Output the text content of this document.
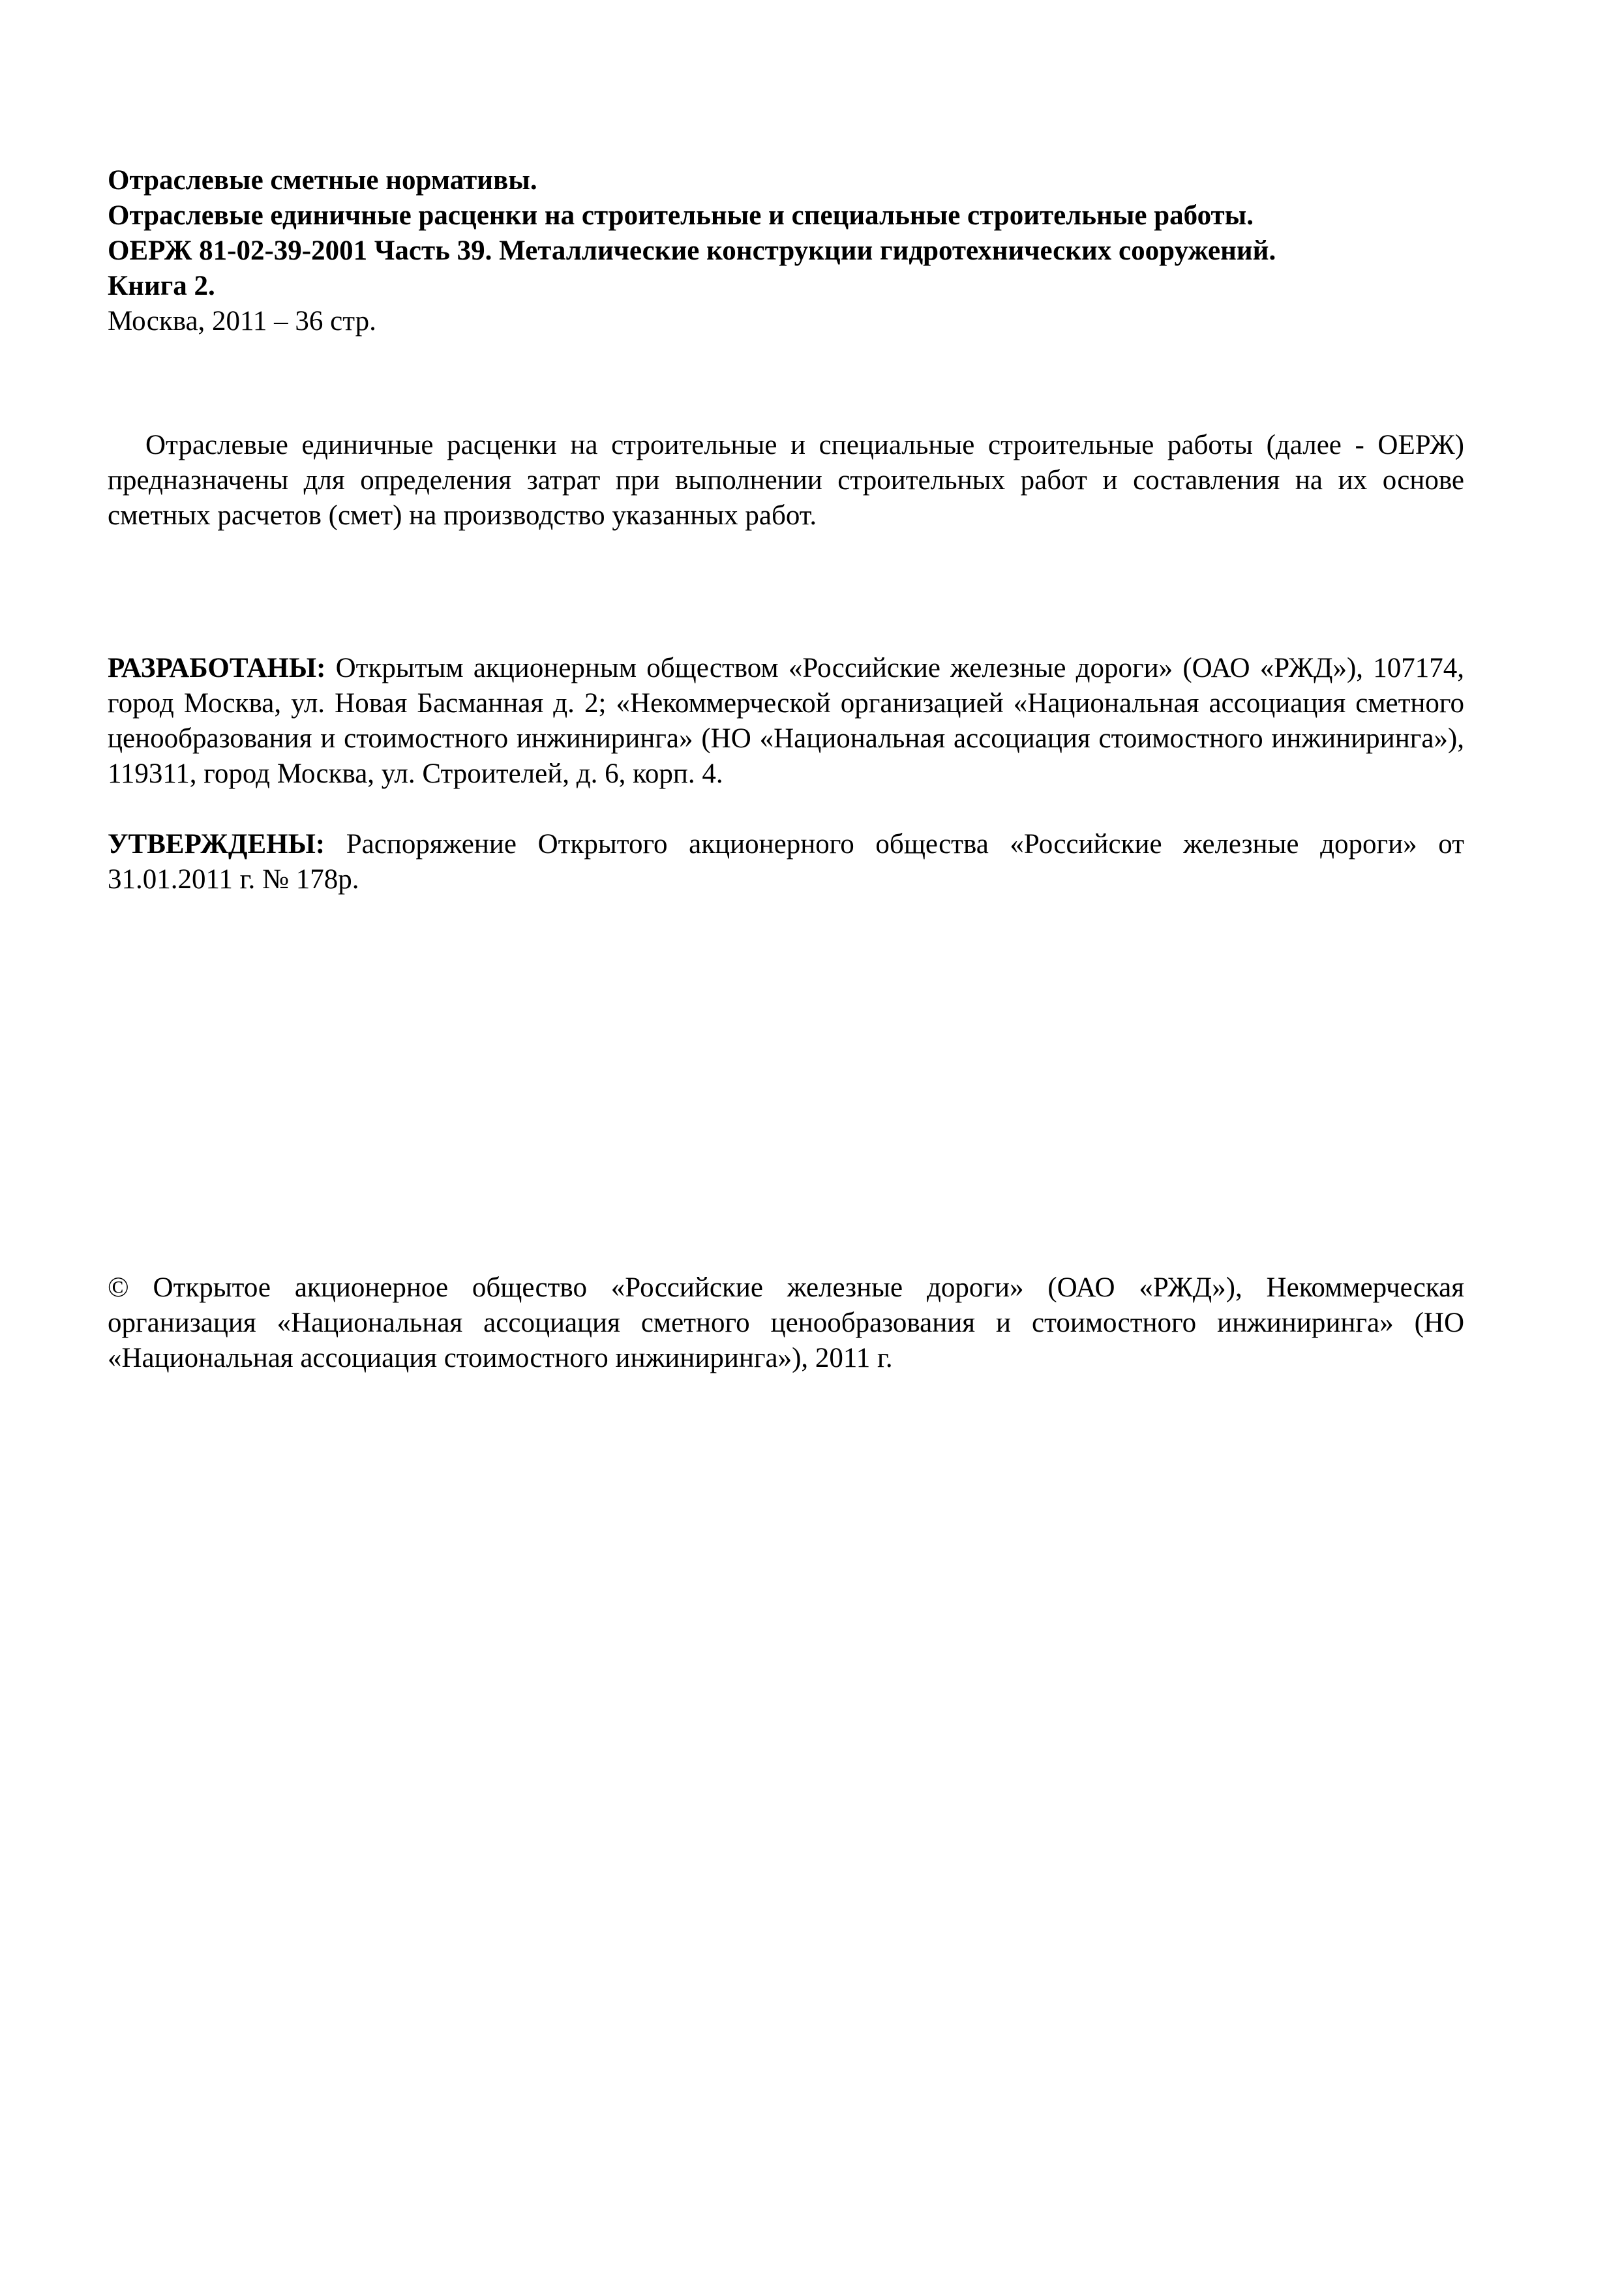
Отраслевые сметные нормативы.
Отраслевые единичные расценки на строительные и специальные строительные работы.
ОЕРЖ 81-02-39-2001 Часть 39. Металлические конструкции гидротехнических сооружений.
Книга 2.
Москва, 2011 – 36 стр.
Отраслевые единичные расценки на строительные и специальные строительные работы (далее - ОЕРЖ) предназначены для определения затрат при выполнении строительных работ и составления на их основе сметных расчетов (смет) на производство указанных работ.
РАЗРАБОТАНЫ: Открытым акционерным обществом «Российские железные дороги» (ОАО «РЖД»), 107174, город Москва, ул. Новая Басманная д. 2; «Некоммерческой организацией «Национальная ассоциация сметного ценообразования и стоимостного инжиниринга» (НО «Национальная ассоциация стоимостного инжиниринга»), 119311, город Москва, ул. Строителей, д. 6, корп. 4.
УТВЕРЖДЕНЫ: Распоряжение Открытого акционерного общества «Российские железные дороги» от 31.01.2011 г. № 178р.
© Открытое акционерное общество «Российские железные дороги» (ОАО «РЖД»), Некоммерческая организация «Национальная ассоциация сметного ценообразования и стоимостного инжиниринга» (НО «Национальная ассоциация стоимостного инжиниринга»), 2011 г.
